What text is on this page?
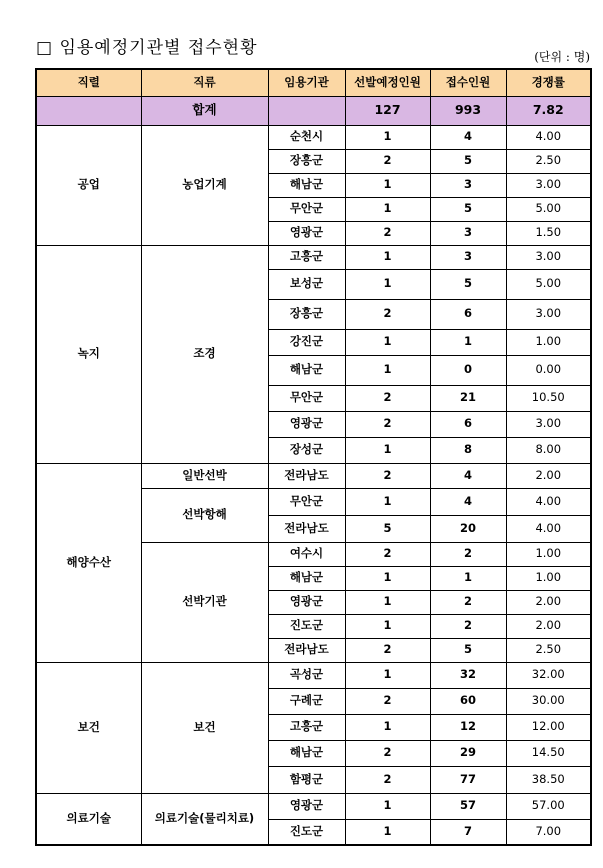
□ 임용예정기관별 접수현황	(단위 : 명)
직렬	직류	임용기관	선발예정인원	접수인원	경쟁률
	합계		127	993	7.82
공업	농업기계	순천시	1	4	4.00
		장흥군	2	5	2.50
		해남군	1	3	3.00
		무안군	1	5	5.00
		영광군	2	3	1.50
녹지	조경	고흥군	1	3	3.00
		보성군	1	5	5.00
		장흥군	2	6	3.00
		강진군	1	1	1.00
		해남군	1	0	0.00
		무안군	2	21	10.50
		영광군	2	6	3.00
		장성군	1	8	8.00
해양수산	일반선박	전라남도	2	4	2.00
	선박항해	무안군	1	4	4.00
		전라남도	5	20	4.00
	선박기관	여수시	2	2	1.00
		해남군	1	1	1.00
		영광군	1	2	2.00
		진도군	1	2	2.00
		전라남도	2	5	2.50
보건	보건	곡성군	1	32	32.00
		구례군	2	60	30.00
		고흥군	1	12	12.00
		해남군	2	29	14.50
		함평군	2	77	38.50
의료기술	의료기술(물리치료)	영광군	1	57	57.00
		진도군	1	7	7.00
